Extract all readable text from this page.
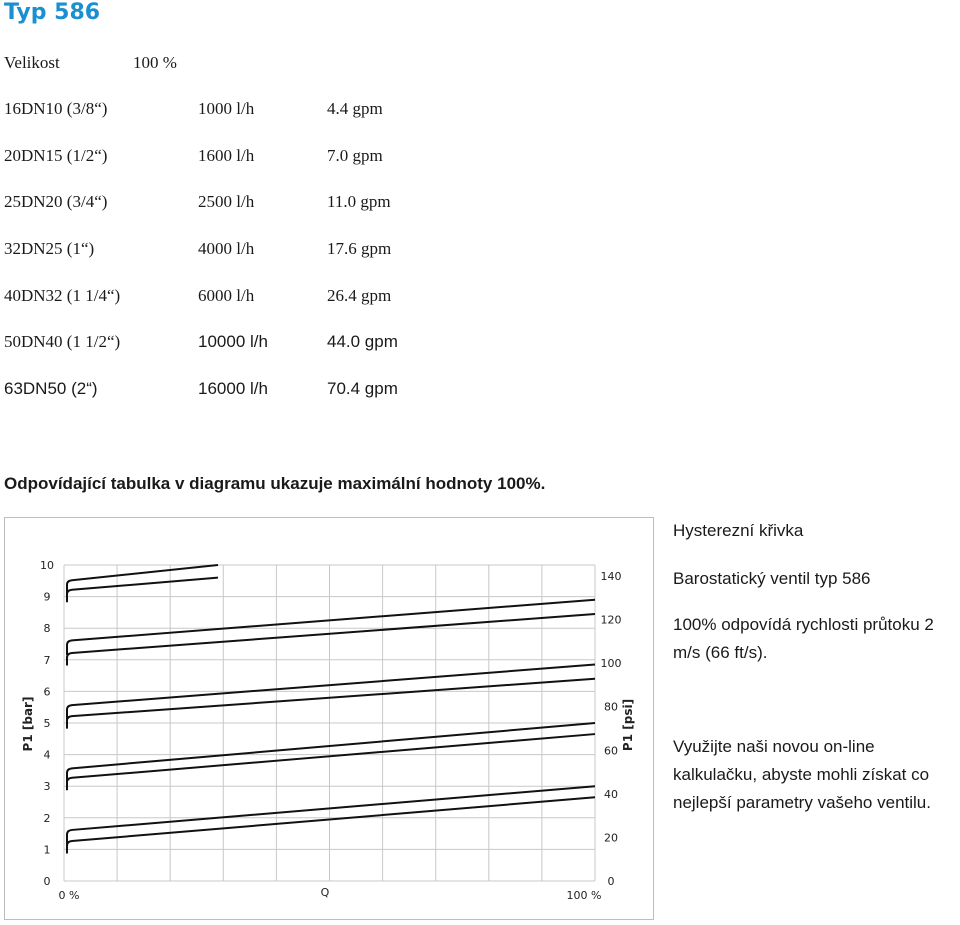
Typ 586
Velikost	100 %
16DN10 (3/8“)	1000 l/h	4.4 gpm
20DN15 (1/2“)	1600 l/h	7.0 gpm
25DN20 (3/4“)	2500 l/h	11.0 gpm
32DN25 (1“)	4000 l/h	17.6 gpm
40DN32 (1 1/4“)	6000 l/h	26.4 gpm
50DN40 (1 1/2“)	10000 l/h	44.0 gpm
63DN50 (2“)	16000 l/h	70.4 gpm
Odpovídající tabulka v diagramu ukazuje maximální hodnoty 100%.
0
1
2
3
4
5
6
7
8
9
10
0
20
40
60
80
100
120
140
0 %	100 %
Q
P1 [bar]	P1 [psi]
Hysterezní křivka
Barostatický ventil typ 586
100% odpovídá rychlosti průtoku 2 m/s (66 ft/s).
Využijte naši novou on-line kalkulačku, abyste mohli získat co nejlepší parametry vašeho ventilu.
